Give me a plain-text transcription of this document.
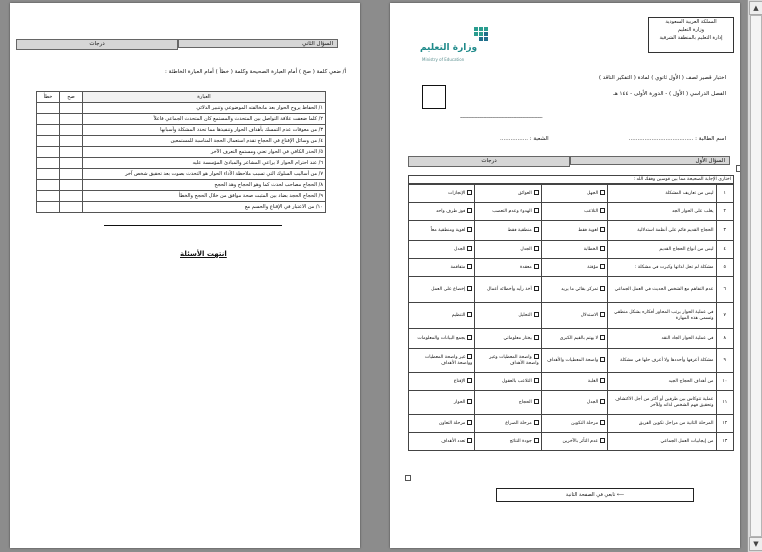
درجات	السؤال الثاني
أ/ ضعي كلمة ( صح ) أمام العبارة الصحيحة وكلمة ( خطأ ) أمام العبارة الخاطئة :
خطأ	صح	العبارة
		١/ الحفاظ يروح الحوار بعد مانخالفته الموضوعي وتنبير الدلائي
		٢/ كلما ضعفت علاقة التواصل بين المتحدث والمستمع كان المتحدث الجماعي فاعلاً
		٣/ من معوقات عدم التمسك بأهداف الحوار وتنفيذها مما تحدد المشكلة وأسبابها
		٤/ من وسائل الإقناع في الحجاج تقدم استعمال الحجة المناسبة للمستمعين
		٥/ الحذر الكافي في الحوار تعني ومستمع التعرف الآخر
		٦/ عند احترام الحوار لا يراعي المشاعر والمبادئ المؤسسة عليه
		٧/ من أساليب السلوك التي تسبب ملاحظة الأداء الحوار هو التحدث بصوت بعد تحقيق شخص آخر
		٨/ الحجاج مصاحب لحدث كما وهو الحجاج وهذ الحجج
		٩/ الحجاج الحجد بضاد بين المثبت صحة موافق من خلال الحجج والخطأ
		١٠/ من الاعتبار في الإقناع والحسم مع
انتهت الأسئلة
المملكة العربية السعودية
وزارة التعليم
إدارة التعليم بالمنطقة الشرقية
وزارة التعليم
Ministry of Education
اختبار قصير لصف ( الأول ثانوي ) لمادة ( التفكير الناقد )
الفصل الدراسي ( الأول ) - الدورة الأولى - ١٤٤ هـ
---------------------------------------------------------------
اسم الطالبة : .....................................
الشعبة : ................
درجات	السؤال الأول
اختاري الإجابة الصحيحة مما بين قوسين وفقك الله :
الإنجازات	العوائق	الجهل	ليس من تعاريف المشكلة	١
فوز طرف واحد	الهدوء وعدم التعصب	التلاعب	يغلب على الحوار الجد	٢
لغوية ومنطقية معاً	منطقية فقط	لغوية فقط	الحجاج القديم قائم على أنظمة استدلالية	٣
الجدل	الجدل	الخطابة	ليس من أنواع الحجاج القديم	٤
متفاقمة	معقدة	مؤقتة	مشكلة لم تحل لذاتها وكبرت في مشكلة :	٥
إخضاع على العمل	أخذ رأيه وأخطائه أعمال	تمركز بقائي ما يريد	عدم التفاهم مع الشخص الحديث في العمل الجماعي	٦
التنظيم	التحليل	الاستدلال	في عملية الحوار يرتب المحاور أفكاره بشكل منطقي وتسمى هذه المهارة	٧
يجمع البيانات والمعلومات	يختار معلوماتي	لا يهتم بالقيم الكبرى	في عملية الحوار الجاد النقد	٨
غير واضحة المعطيات وواضحة الأهداف	واضحة المعطيات وغير واضحة الأهداف	واضحة المعطيات والأهداف	مشكلة أعرفها وأحددها ولا أعرف حلها في مشكلة	٩
الإقناع	التلاعب بالعقول	الغلبة	من أهداف الحجاج الجيد	١٠
الحوار	الحجاج	الجدل	عملية تتوكاس بين طرفين أو أكثر من أجل الاكتشاف وتحقيق فهم الشخص لذاته وللآخر	١١
مرحلة التعاون	مرحلة الصراع	مرحلة التكوين	المرحلة الثانية من مراحل تكوين الفريق	١٢
تعدد الأهداف	جودة النتائج	عدم التأثر بالآخرين	من إيجابيات العمل الجماعي	١٣
⟵ تابعي في الصفحة الثانية
▲
▼
